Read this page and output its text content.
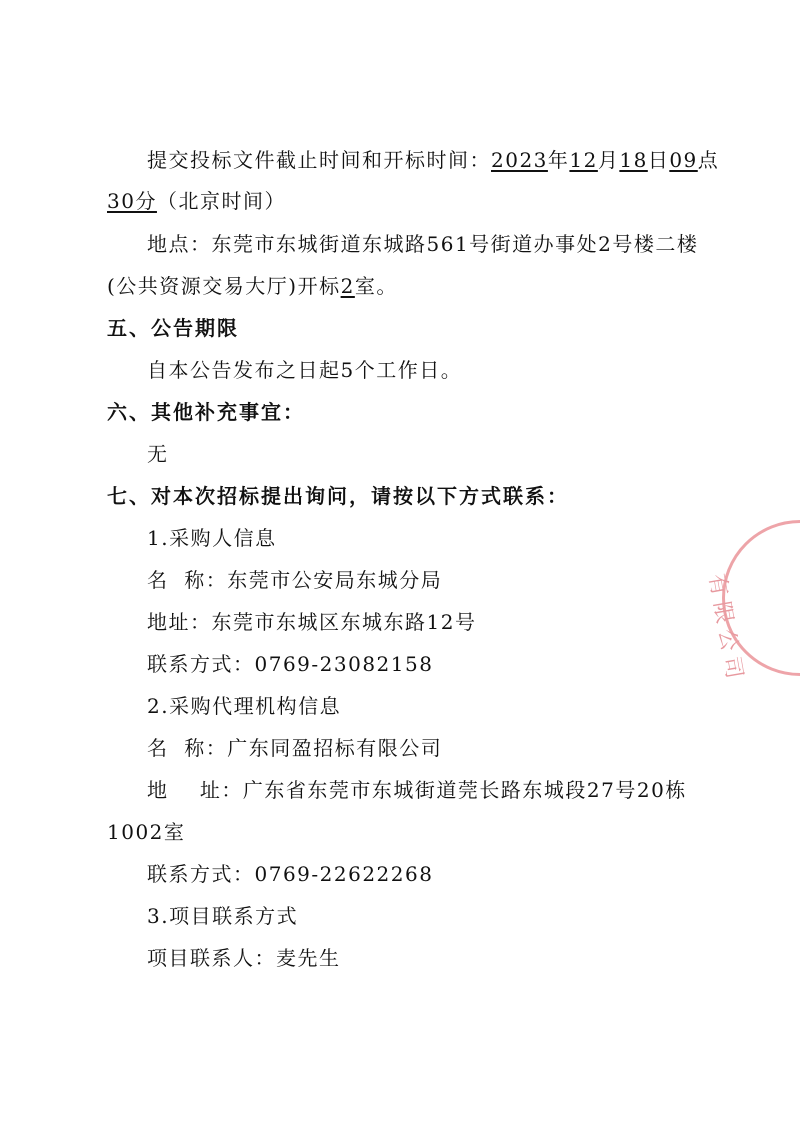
提交投标文件截止时间和开标时间：2023年12月18日09点
30分（北京时间）
地点：东莞市东城街道东城路561号街道办事处2号楼二楼
(公共资源交易大厅)开标2室。
五、公告期限
自本公告发布之日起5个工作日。
六、其他补充事宜：
无
七、对本次招标提出询问，请按以下方式联系：
1.采购人信息
名  称：东莞市公安局东城分局
地址：东莞市东城区东城东路12号
联系方式：0769-23082158
2.采购代理机构信息
名  称：广东同盈招标有限公司
地    址：广东省东莞市东城街道莞长路东城段27号20栋
1002室
联系方式：0769-22622268
3.项目联系方式
项目联系人：麦先生
有限公司
